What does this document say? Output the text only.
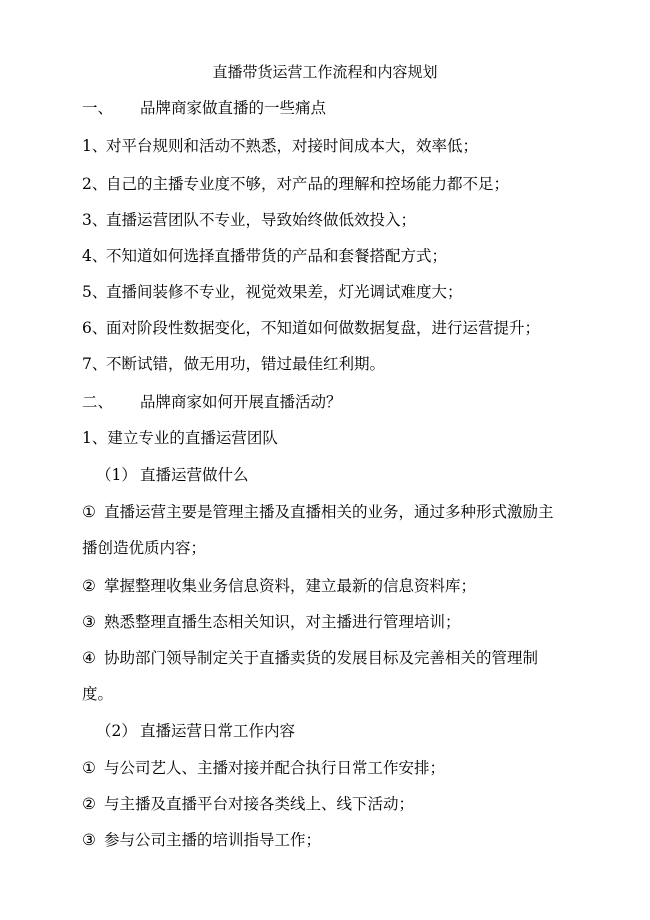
直播带货运营工作流程和内容规划
一、 品牌商家做直播的一些痛点
1、对平台规则和活动不熟悉，对接时间成本大，效率低；
2、自己的主播专业度不够，对产品的理解和控场能力都不足；
3、直播运营团队不专业，导致始终做低效投入；
4、不知道如何选择直播带货的产品和套餐搭配方式；
5、直播间装修不专业，视觉效果差，灯光调试难度大；
6、面对阶段性数据变化，不知道如何做数据复盘，进行运营提升；
7、不断试错，做无用功，错过最佳红利期。
二、 品牌商家如何开展直播活动？
1、建立专业的直播运营团队
（1） 直播运营做什么
① 直播运营主要是管理主播及直播相关的业务，通过多种形式激励主
播创造优质内容；
② 掌握整理收集业务信息资料，建立最新的信息资料库；
③ 熟悉整理直播生态相关知识，对主播进行管理培训；
④ 协助部门领导制定关于直播卖货的发展目标及完善相关的管理制
度。
（2） 直播运营日常工作内容
① 与公司艺人、主播对接并配合执行日常工作安排；
② 与主播及直播平台对接各类线上、线下活动；
③ 参与公司主播的培训指导工作；
